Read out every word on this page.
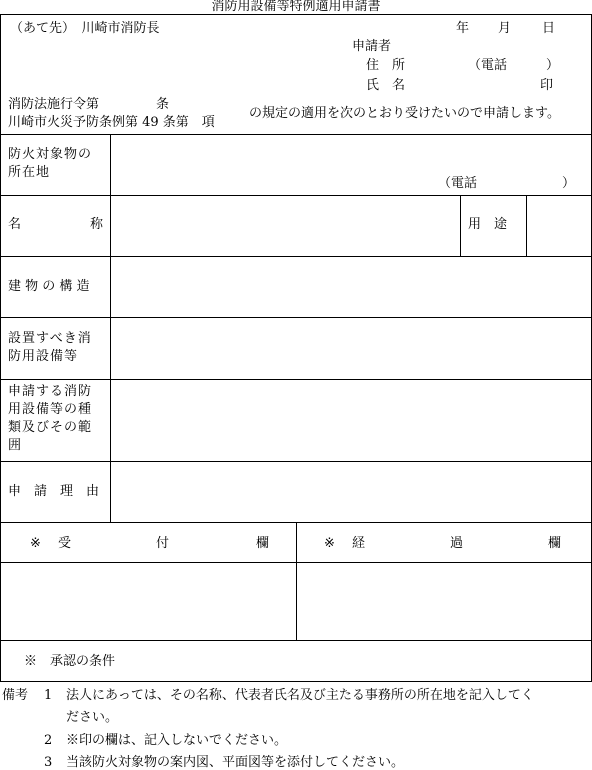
消防用設備等特例適用申請書
（あて先）　川崎市消防長	年 月 日
申請者
住　所	（電話	）
氏　名	印
消防法施行令第	条
川崎市火災予防条例第 49 条第　項
の規定の適用を次のとおり受けたいので申請します。
防火対象物の
所在地
（電話	）
名	称	用　途
建 物 の 構 造
設置すべき消
防用設備等
申請する消防
用設備等の種
類及びその範
囲
申　請　理　由
※ 受	付	欄	※ 経	過	欄
※　承認の条件
備考 1 法人にあっては、その名称、代表者氏名及び主たる事務所の所在地を記入してく
ださい。
2 ※印の欄は、記入しないでください。
3 当該防火対象物の案内図、平面図等を添付してください。
